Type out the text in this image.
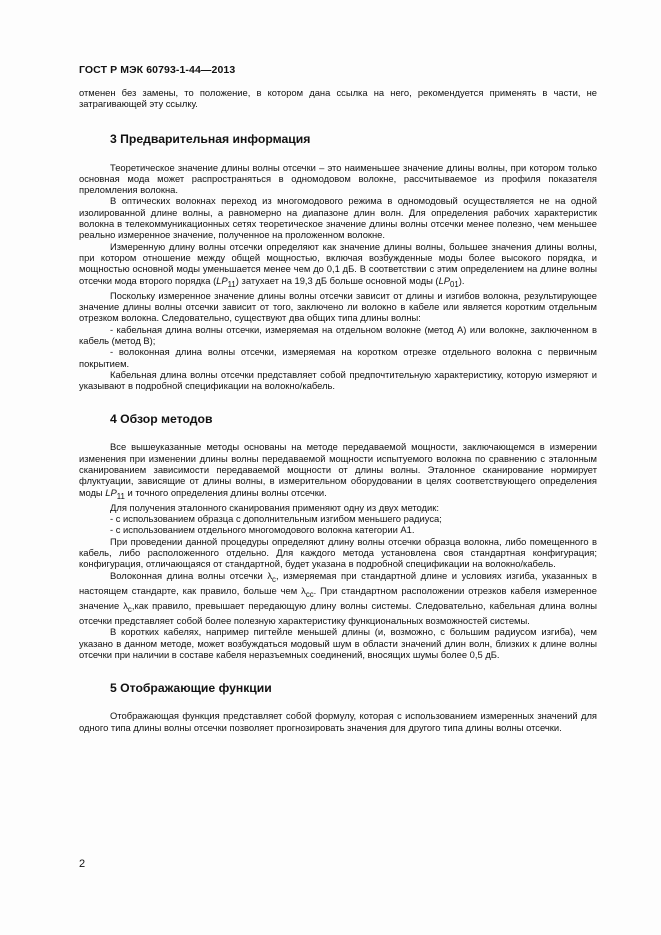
ГОСТ Р МЭК 60793-1-44—2013

отменен без замены, то положение, в котором дана ссылка на него, рекомендуется применять в части, не затрагивающей эту ссылку.

3 Предварительная информация

Теоретическое значение длины волны отсечки – это наименьшее значение длины волны, при котором только основная мода может распространяться в одномодовом волокне, рассчитываемое из профиля показателя преломления волокна.

В оптических волокнах переход из многомодового режима в одномодовый осуществляется не на одной изолированной длине волны, а равномерно на диапазоне длин волн. Для определения рабочих характеристик волокна в телекоммуникационных сетях теоретическое значение длины волны отсечки менее полезно, чем меньшее реально измеренное значение, полученное на проложенном волокне.

Измеренную длину волны отсечки определяют как значение длины волны, большее значения длины волны, при котором отношение между общей мощностью, включая возбужденные моды более высокого порядка, и мощностью основной моды уменьшается менее чем до 0,1 дБ. В соответствии с этим определением на длине волны отсечки мода второго порядка $(LP_{11})$ затухает на 19,3 дБ больше основной моды $(LP_{01})$.

Поскольку измеренное значение длины волны отсечки зависит от длины и изгибов волокна, результирующее значение длины волны отсечки зависит от того, заключено ли волокно в кабеле или является коротким отдельным отрезком волокна. Следовательно, существуют два общих типа длины волны:

- кабельная длина волны отсечки, измеряемая на отдельном волокне (метод А) или волокне, заключенном в кабель (метод В);

- волоконная длина волны отсечки, измеряемая на коротком отрезке отдельного волокна с первичным покрытием.

Кабельная длина волны отсечки представляет собой предпочтительную характеристику, которую измеряют и указывают в подробной спецификации на волокно/кабель.

4 Обзор методов

Все вышеуказанные методы основаны на методе передаваемой мощности, заключающемся в измерении изменения при изменении длины волны передаваемой мощности испытуемого волокна по сравнению с эталонным сканированием зависимости передаваемой мощности от длины волны. Эталонное сканирование нормирует флуктуации, зависящие от длины волны, в измерительном оборудовании в целях соответствующего определения моды $LP_{11}$ и точного определения длины волны отсечки.

Для получения эталонного сканирования применяют одну из двух методик:

- с использованием образца с дополнительным изгибом меньшего радиуса;

- с использованием отдельного многомодового волокна категории А1.

При проведении данной процедуры определяют длину волны отсечки образца волокна, либо помещенного в кабель, либо расположенного отдельно. Для каждого метода установлена своя стандартная конфигурация; конфигурация, отличающаяся от стандартной, будет указана в подробной спецификации на волокно/кабель.

Волоконная длина волны отсечки $\lambda_c$, измеряемая при стандартной длине и условиях изгиба, указанных в настоящем стандарте, как правило, больше чем $\lambda_{cc}$. При стандартном расположении отрезков кабеля измеренное значение $\lambda_c,как$ правило, превышает передающую длину волны системы. Следовательно, кабельная длина волны отсечки представляет собой более полезную характеристику функциональных возможностей системы.

В коротких кабелях, например пигтейле меньшей длины (и, возможно, с большим радиусом изгиба), чем указано в данном методе, может возбуждаться модовый шум в области значений длин волн, близких к длине волны отсечки при наличии в составе кабеля неразъемных соединений, вносящих шумы более 0,5 дБ.

5 Отображающие функции

Отображающая функция представляет собой формулу, которая с использованием измеренных значений для одного типа длины волны отсечки позволяет прогнозировать значения для другого типа длины волны отсечки.

2
